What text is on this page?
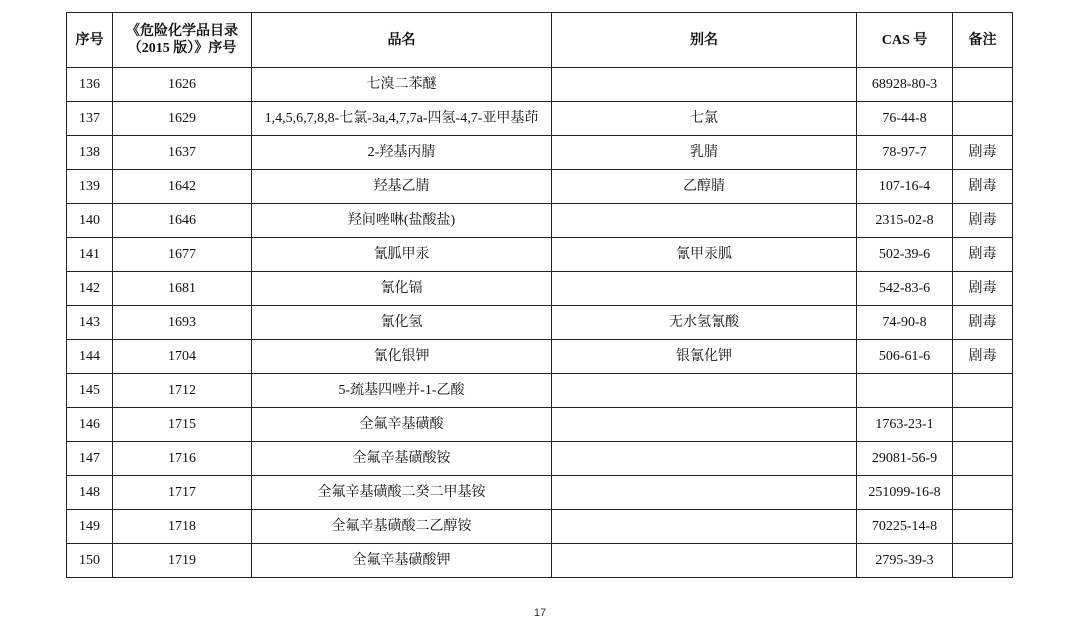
序号	《危险化学品目录
（2015 版）》序号	品名	别名	CAS 号	备注
136	1626	七溴二苯醚		68928-80-3	
137	1629	1,4,5,6,7,8,8-七氯-3a,4,7,7a-四氢-4,7-亚甲基茚	七氯	76-44-8	
138	1637	2-羟基丙腈	乳腈	78-97-7	剧毒
139	1642	羟基乙腈	乙醇腈	107-16-4	剧毒
140	1646	羟间唑啉(盐酸盐)		2315-02-8	剧毒
141	1677	氰胍甲汞	氰甲汞胍	502-39-6	剧毒
142	1681	氰化镉		542-83-6	剧毒
143	1693	氰化氢	无水氢氰酸	74-90-8	剧毒
144	1704	氰化银钾	银氰化钾	506-61-6	剧毒
145	1712	5-巯基四唑并-1-乙酸			
146	1715	全氟辛基磺酸		1763-23-1	
147	1716	全氟辛基磺酸铵		29081-56-9	
148	1717	全氟辛基磺酸二癸二甲基铵		251099-16-8	
149	1718	全氟辛基磺酸二乙醇铵		70225-14-8	
150	1719	全氟辛基磺酸钾		2795-39-3	
17
